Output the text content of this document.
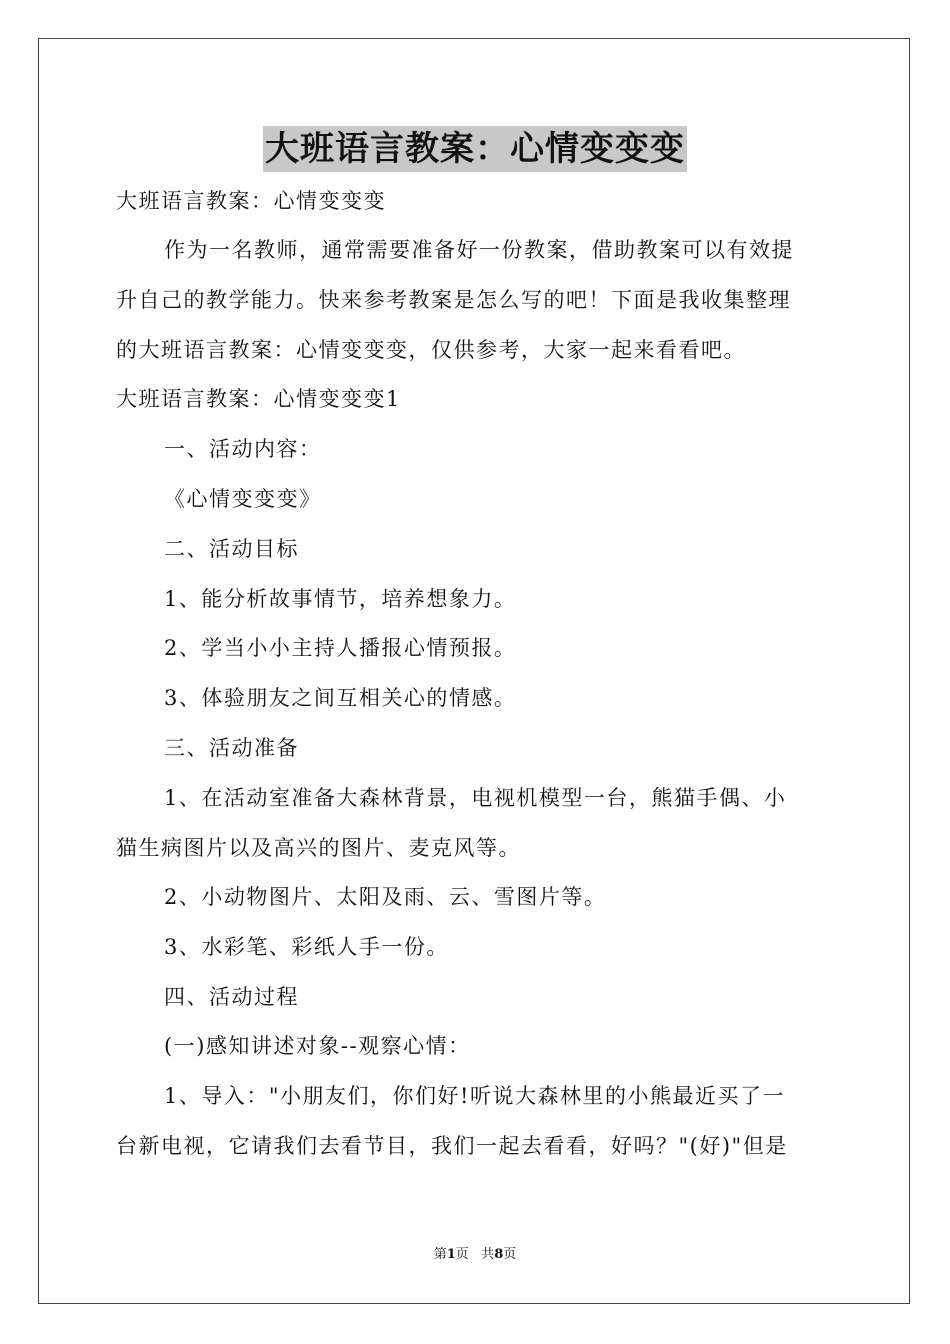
大班语言教案：心情变变变
大班语言教案：心情变变变
作为一名教师，通常需要准备好一份教案，借助教案可以有效提
升自己的教学能力。快来参考教案是怎么写的吧！下面是我收集整理
的大班语言教案：心情变变变，仅供参考，大家一起来看看吧。
大班语言教案：心情变变变1
一、活动内容：
《心情变变变》
二、活动目标
1、能分析故事情节，培养想象力。
2、学当小小主持人播报心情预报。
3、体验朋友之间互相关心的情感。
三、活动准备
1、在活动室准备大森林背景，电视机模型一台，熊猫手偶、小
猫生病图片以及高兴的图片、麦克风等。
2、小动物图片、太阳及雨、云、雪图片等。
3、水彩笔、彩纸人手一份。
四、活动过程
(一)感知讲述对象--观察心情：
1、导入："小朋友们，你们好!听说大森林里的小熊最近买了一
台新电视，它请我们去看节目，我们一起去看看，好吗？"(好)"但是
第1页 共8页
